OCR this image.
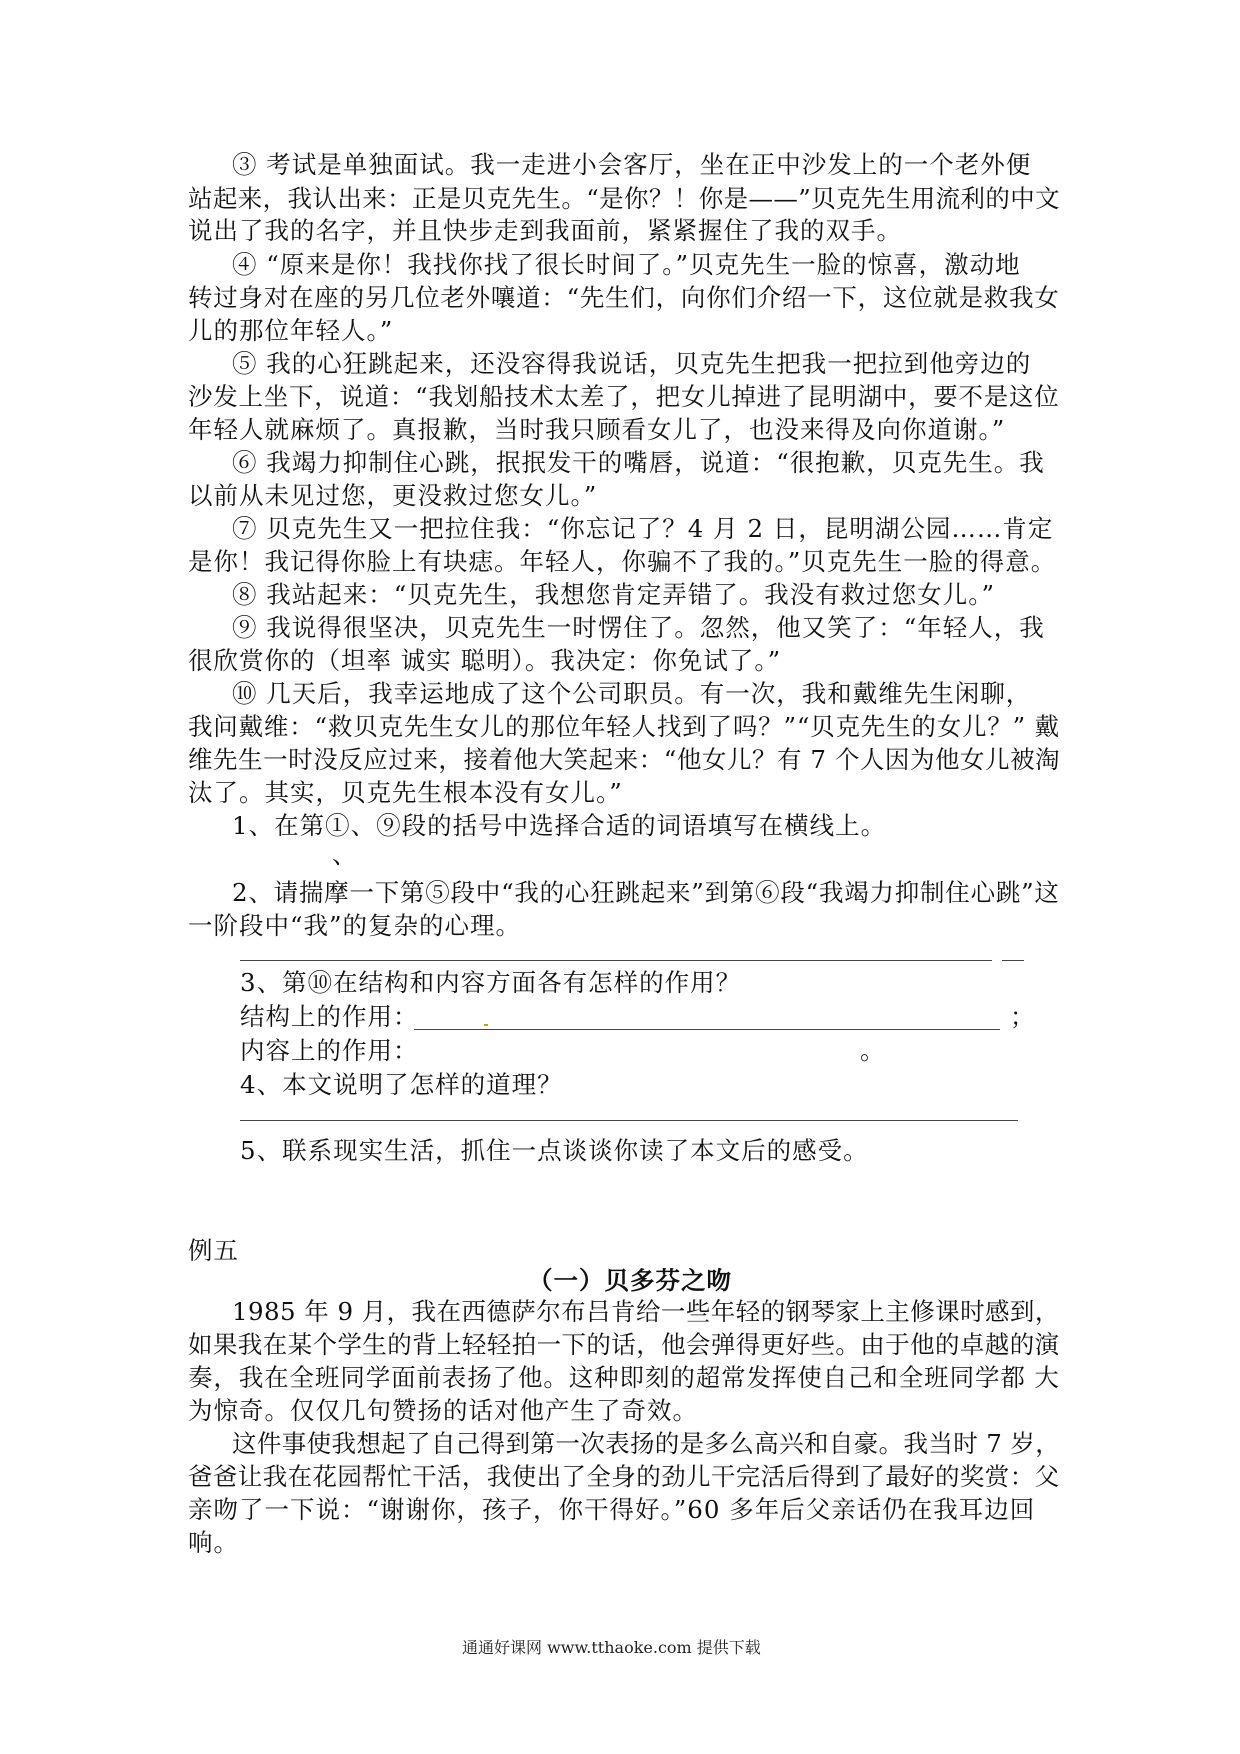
③ 考试是单独面试。我一走进小会客厅，坐在正中沙发上的一个老外便
站起来，我认出来：正是贝克先生。“是你？！你是——”贝克先生用流利的中文
说出了我的名字，并且快步走到我面前，紧紧握住了我的双手。
④ “原来是你！我找你找了很长时间了。”贝克先生一脸的惊喜，激动地
转过身对在座的另几位老外嚷道：“先生们，向你们介绍一下，这位就是救我女
儿的那位年轻人。”
⑤ 我的心狂跳起来，还没容得我说话，贝克先生把我一把拉到他旁边的
沙发上坐下，说道：“我划船技术太差了，把女儿掉进了昆明湖中，要不是这位
年轻人就麻烦了。真报歉，当时我只顾看女儿了，也没来得及向你道谢。”
⑥ 我竭力抑制住心跳，抿抿发干的嘴唇，说道：“很抱歉，贝克先生。我
以前从未见过您，更没救过您女儿。”
⑦ 贝克先生又一把拉住我：“你忘记了？4 月 2 日，昆明湖公园……肯定
是你！我记得你脸上有块痣。年轻人，你骗不了我的。”贝克先生一脸的得意。
⑧ 我站起来：“贝克先生，我想您肯定弄错了。我没有救过您女儿。”
⑨ 我说得很坚决，贝克先生一时愣住了。忽然，他又笑了：“年轻人，我
很欣赏你的（坦率 诚实 聪明）。我决定：你免试了。”
⑩ 几天后，我幸运地成了这个公司职员。有一次，我和戴维先生闲聊，
我问戴维：“救贝克先生女儿的那位年轻人找到了吗？”“贝克先生的女儿？” 戴
维先生一时没反应过来，接着他大笑起来：“他女儿？有 7 个人因为他女儿被淘
汰了。其实，贝克先生根本没有女儿。”
1、在第①、⑨段的括号中选择合适的词语填写在横线上。
、
2、请揣摩一下第⑤段中“我的心狂跳起来”到第⑥段“我竭力抑制住心跳”这
一阶段中“我”的复杂的心理。
3、第⑩在结构和内容方面各有怎样的作用？
结构上的作用：	；
内容上的作用：	。
4、本文说明了怎样的道理？
5、联系现实生活，抓住一点谈谈你读了本文后的感受。
例五
（一）贝多芬之吻
1985 年 9 月，我在西德萨尔布吕肯给一些年轻的钢琴家上主修课时感到，
如果我在某个学生的背上轻轻拍一下的话，他会弹得更好些。由于他的卓越的演
奏，我在全班同学面前表扬了他。这种即刻的超常发挥使自己和全班同学都 大
为惊奇。仅仅几句赞扬的话对他产生了奇效。
这件事使我想起了自己得到第一次表扬的是多么高兴和自豪。我当时 7 岁，
爸爸让我在花园帮忙干活，我使出了全身的劲儿干完活后得到了最好的奖赏：父
亲吻了一下说：“谢谢你，孩子，你干得好。”60 多年后父亲话仍在我耳边回
响。
通通好课网 www.tthaoke.com 提供下载
